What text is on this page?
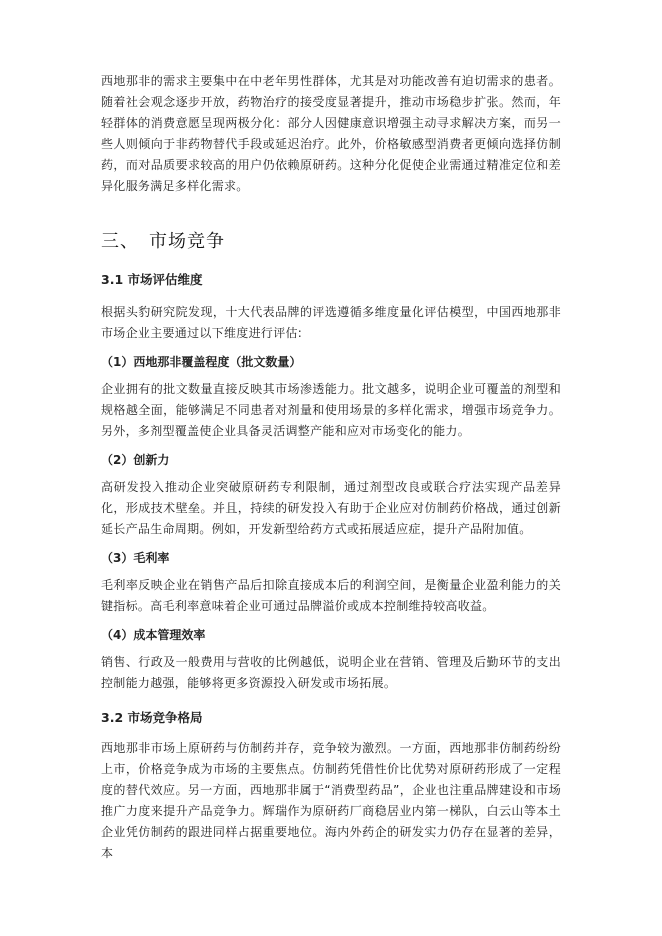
西地那非的需求主要集中在中老年男性群体，尤其是对功能改善有迫切需求的患者。随着社会观念逐步开放，药物治疗的接受度显著提升，推动市场稳步扩张。然而，年轻群体的消费意愿呈现两极分化：部分人因健康意识增强主动寻求解决方案，而另一些人则倾向于非药物替代手段或延迟治疗。此外，价格敏感型消费者更倾向选择仿制药，而对品质要求较高的用户仍依赖原研药。这种分化促使企业需通过精准定位和差异化服务满足多样化需求。

三、 市场竞争
3.1 市场评估维度

根据头豹研究院发现，十大代表品牌的评选遵循多维度量化评估模型，中国西地那非市场企业主要通过以下维度进行评估:

（1）西地那非覆盖程度（批文数量）

企业拥有的批文数量直接反映其市场渗透能力。批文越多，说明企业可覆盖的剂型和规格越全面，能够满足不同患者对剂量和使用场景的多样化需求，增强市场竞争力。另外，多剂型覆盖使企业具备灵活调整产能和应对市场变化的能力。

（2）创新力

高研发投入推动企业突破原研药专利限制，通过剂型改良或联合疗法实现产品差异化，形成技术壁垒。并且，持续的研发投入有助于企业应对仿制药价格战，通过创新延长产品生命周期。例如，开发新型给药方式或拓展适应症，提升产品附加值。

（3）毛利率

毛利率反映企业在销售产品后扣除直接成本后的利润空间，是衡量企业盈利能力的关键指标。高毛利率意味着企业可通过品牌溢价或成本控制维持较高收益。

（4）成本管理效率

销售、行政及一般费用与营收的比例越低，说明企业在营销、管理及后勤环节的支出控制能力越强，能够将更多资源投入研发或市场拓展。

3.2 市场竞争格局

西地那非市场上原研药与仿制药并存，竞争较为激烈。一方面，西地那非仿制药纷纷上市，价格竞争成为市场的主要焦点。仿制药凭借性价比优势对原研药形成了一定程度的替代效应。另一方面，西地那非属于“消费型药品”，企业也注重品牌建设和市场推广力度来提升产品竞争力。辉瑞作为原研药厂商稳居业内第一梯队，白云山等本土企业凭仿制药的跟进同样占据重要地位。海内外药企的研发实力仍存在显著的差异，本
